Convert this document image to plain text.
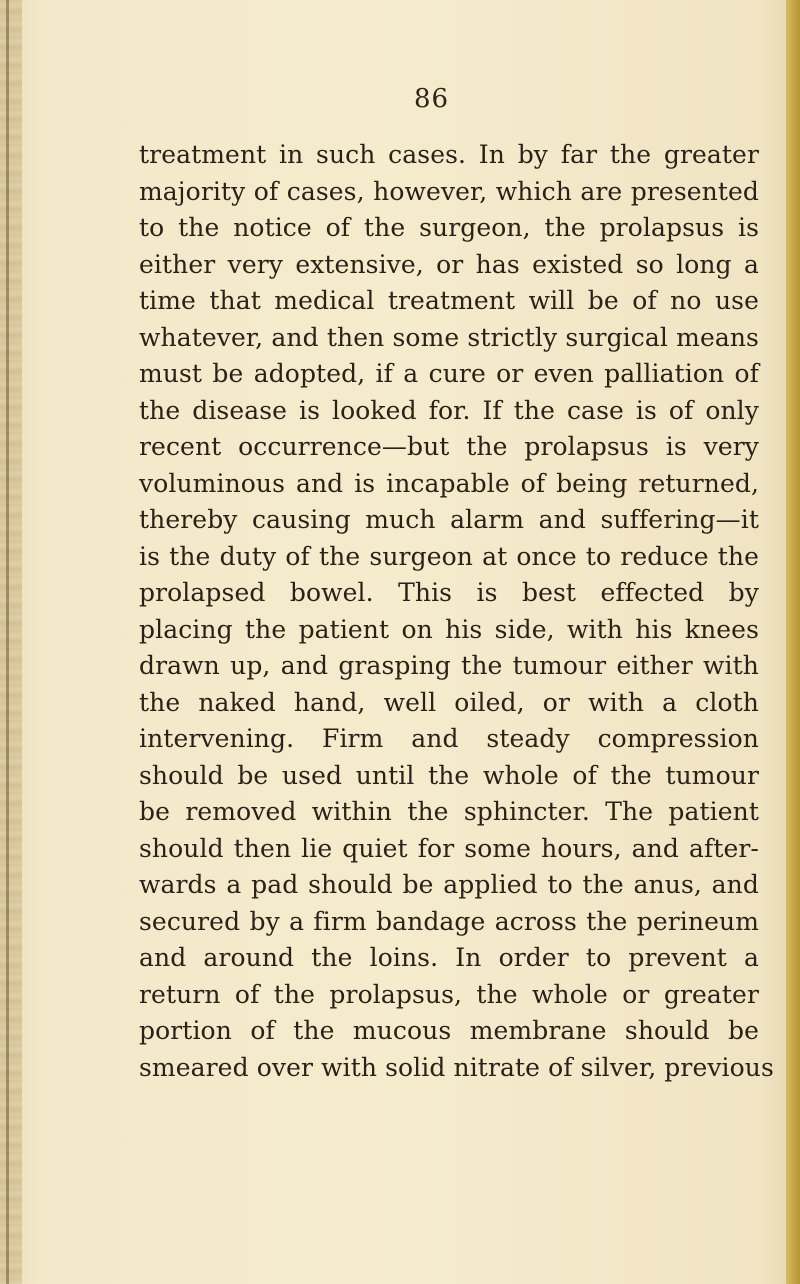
86
treatment in such cases. In by far the greater
majority of cases, however, which are presented
to the notice of the surgeon, the prolapsus is
either very extensive, or has existed so long a
time that medical treatment will be of no use
whatever, and then some strictly surgical means
must be adopted, if a cure or even palliation of
the disease is looked for. If the case is of only
recent occurrence—but the prolapsus is very
voluminous and is incapable of being returned,
thereby causing much alarm and suffering—it
is the duty of the surgeon at once to reduce the
prolapsed bowel. This is best effected by
placing the patient on his side, with his knees
drawn up, and grasping the tumour either with
the naked hand, well oiled, or with a cloth
intervening. Firm and steady compression
should be used until the whole of the tumour
be removed within the sphincter. The patient
should then lie quiet for some hours, and after-
wards a pad should be applied to the anus, and
secured by a firm bandage across the perineum
and around the loins. In order to prevent a
return of the prolapsus, the whole or greater
portion of the mucous membrane should be
smeared over with solid nitrate of silver, previous
